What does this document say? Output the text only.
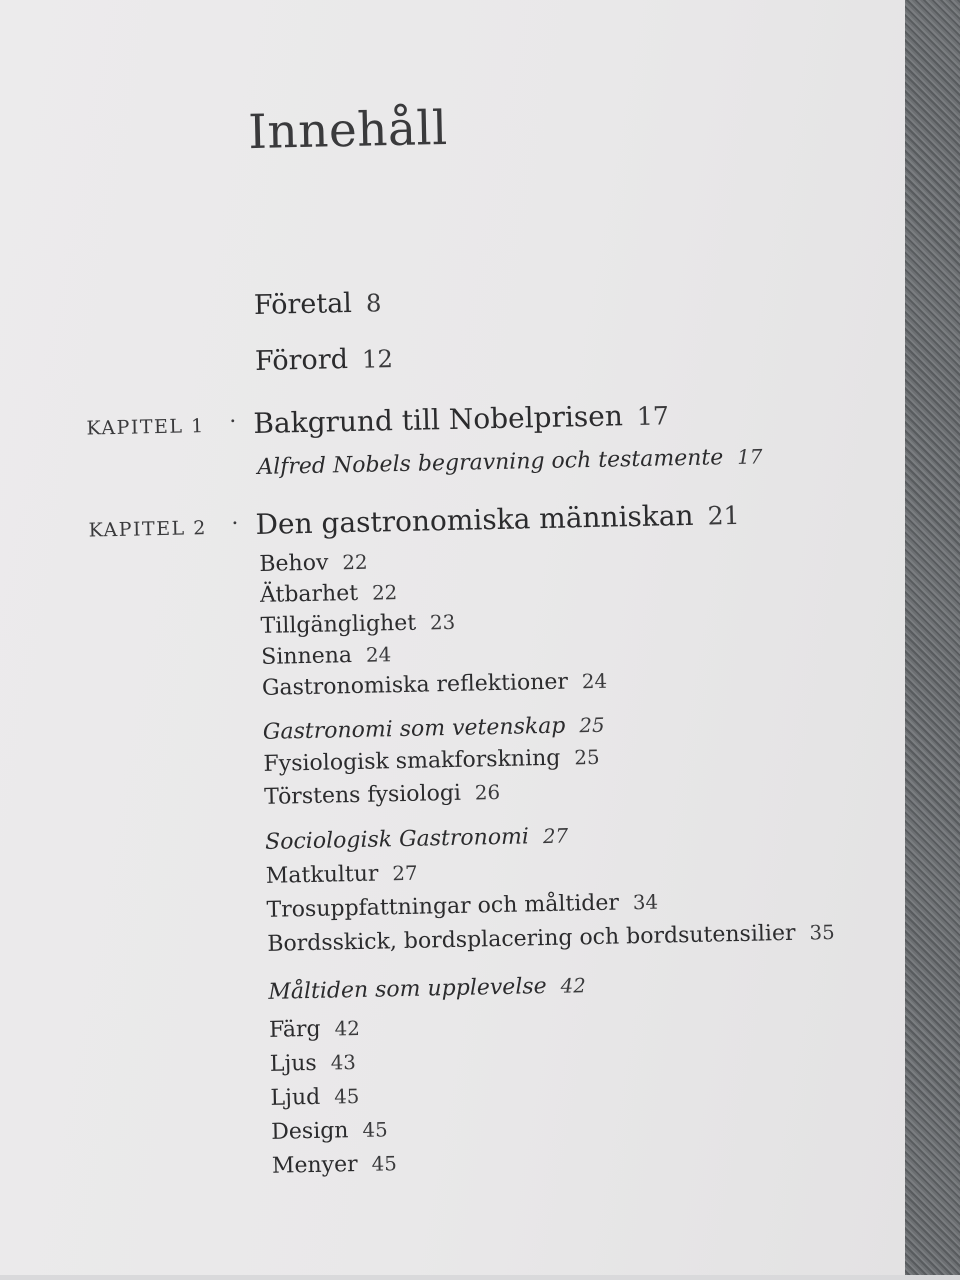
Innehåll
Företal 8
Förord 12
KAPITEL 1 · Bakgrund till Nobelprisen 17
Alfred Nobels begravning och testamente 17
KAPITEL 2 · Den gastronomiska människan 21
Behov 22
Ätbarhet 22
Tillgänglighet 23
Sinnena 24
Gastronomiska reflektioner 24
Gastronomi som vetenskap 25
Fysiologisk smakforskning 25
Törstens fysiologi 26
Sociologisk Gastronomi 27
Matkultur 27
Trosuppfattningar och måltider 34
Bordsskick, bordsplacering och bordsutensilier 35
Måltiden som upplevelse 42
Färg 42
Ljus 43
Ljud 45
Design 45
Menyer 45
